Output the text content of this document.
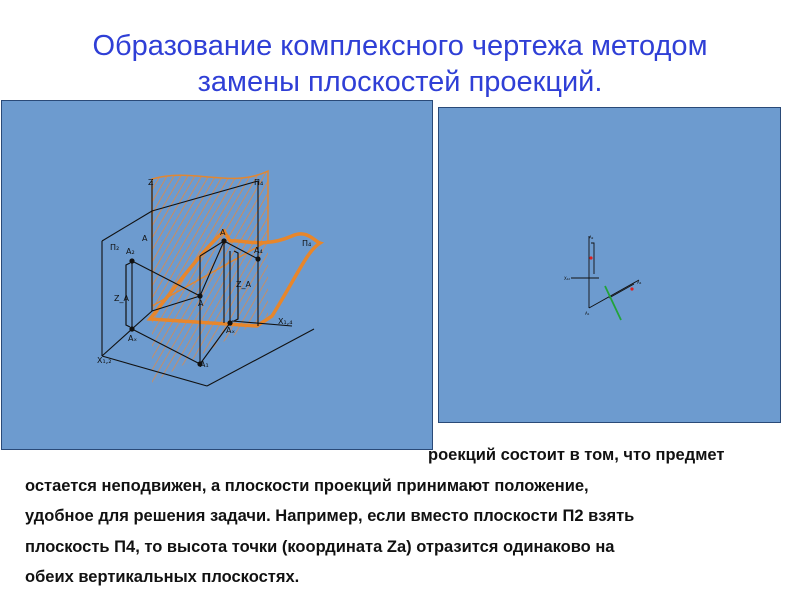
Образование комплексного чертежа методом
замены плоскостей проекций.
Z
Π₂
Π₄
Π₄
A₂
A
A
A₄
A
Z_A
Z_A
Aₓ
Aₓ
A₁
X₁,₂
X₁,₄
A₂
X₁₂
A₁
A₄
роекций состоит в том, что предмет
остается неподвижен, а плоскости проекций принимают положение,
удобное для решения задачи. Например, если вместо плоскости П2 взять
плоскость П4, то высота точки (координата Za) отразится одинаково на
обеих вертикальных плоскостях.
